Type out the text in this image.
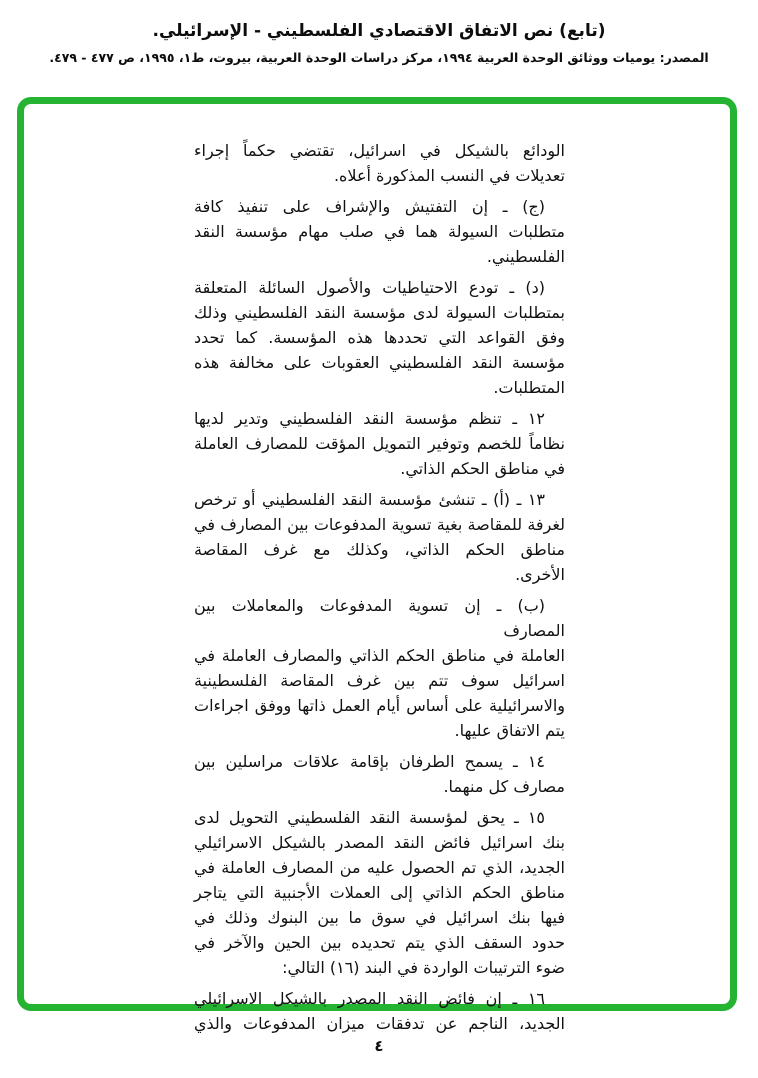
(تابع) نص الاتفاق الاقتصادي الفلسطيني - الإسرائيلي.
المصدر: يوميات ووثائق الوحدة العربية ١٩٩٤، مركز دراسات الوحدة العربية، بيروت، ط١، ١٩٩٥، ص ٤٧٧ - ٤٧٩.

الودائع بالشيكل في اسرائيل، تقتضي حكماً إجراء
تعديلات في النسب المذكورة أعلاه.

(ج) ـ إن التفتيش والإشراف على تنفيذ كافة
متطلبات السيولة هما في صلب مهام مؤسسة النقد
الفلسطيني.

(د) ـ تودع الاحتياطيات والأصول السائلة المتعلقة
بمتطلبات السيولة لدى مؤسسة النقد الفلسطيني وذلك
وفق القواعد التي تحددها هذه المؤسسة. كما تحدد
مؤسسة النقد الفلسطيني العقوبات على مخالفة هذه
المتطلبات.

١٢ ـ تنظم مؤسسة النقد الفلسطيني وتدير لديها
نظاماً للخصم وتوفير التمويل المؤقت للمصارف العاملة
في مناطق الحكم الذاتي.

١٣ ـ (أ) ـ تنشئ مؤسسة النقد الفلسطيني أو ترخص
لغرفة للمقاصة بغية تسوية المدفوعات بين المصارف في
مناطق الحكم الذاتي، وكذلك مع غرف المقاصة
الأخرى.

(ب) ـ إن تسوية المدفوعات والمعاملات بين المصارف
العاملة في مناطق الحكم الذاتي والمصارف العاملة في
اسرائيل سوف تتم بين غرف المقاصة الفلسطينية
والاسرائيلية على أساس أيام العمل ذاتها ووفق اجراءات
يتم الاتفاق عليها.

١٤ ـ يسمح الطرفان بإقامة علاقات مراسلين بين
مصارف كل منهما.

١٥ ـ يحق لمؤسسة النقد الفلسطيني التحويل لدى
بنك اسرائيل فائض النقد المصدر بالشيكل الاسرائيلي
الجديد، الذي تم الحصول عليه من المصارف العاملة في
مناطق الحكم الذاتي إلى العملات الأجنبية التي يتاجر
فيها بنك اسرائيل في سوق ما بين البنوك وذلك في
حدود السقف الذي يتم تحديده بين الحين والآخر في
ضوء الترتيبات الواردة في البند (١٦) التالي:

١٦ ـ إن فائض النقد المصدر بالشيكل الاسرائيلي
الجديد، الناجم عن تدفقات ميزان المدفوعات والذي

٤
